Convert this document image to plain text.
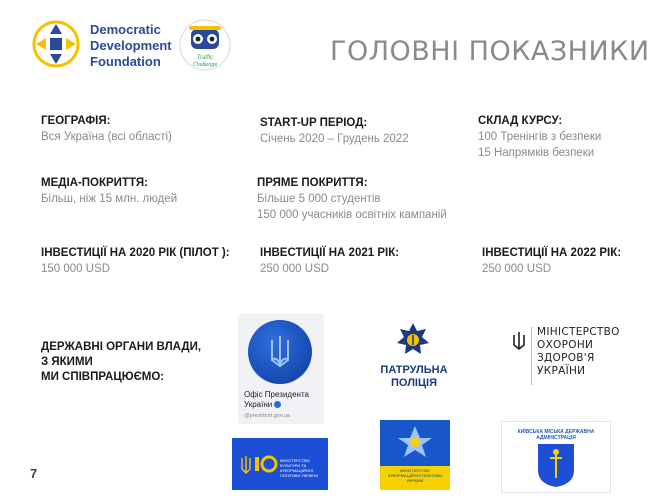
Democratic
Development
Foundation	Traffic
Challenge	ГОЛОВНІ ПОКАЗНИКИ
ГЕОГРАФІЯ:
Вся Україна (всі області)
START-UP ПЕРІОД:
Січень 2020 – Грудень 2022
СКЛАД КУРСУ:
100 Тренінгів з безпеки
15 Напрямків безпеки
МЕДІА-ПОКРИТТЯ:
Більш, ніж 15 млн. людей
ПРЯМЕ ПОКРИТТЯ:
Більше 5 000 студентів
150 000 учасників освітніх кампаній
ІНВЕСТИЦІЇ НА 2020 РІК (ПІЛОТ ):
150 000 USD
ІНВЕСТИЦІЇ НА 2021 РІК:
250 000 USD
ІНВЕСТИЦІЇ НА 2022 РІК:
250 000 USD
ДЕРЖАВНІ ОРГАНИ ВЛАДИ,
З ЯКИМИ
МИ СПІВПРАЦЮЄМО:
Офіс Президента
України
@president.gov.ua
ПАТРУЛЬНА
ПОЛІЦІЯ
МІНІСТЕРСТВО
ОХОРОНИ
ЗДОРОВ'Я
УКРАЇНИ
МІНІСТЕРСТВО КУЛЬТУРИ ТА ІНФОРМАЦІЙНОЇ ПОЛІТИКИ УКРАЇНИ
МІНІСТЕРСТВО ІНФОРМАЦІЙНОЇ ПОЛІТИКИ УКРАЇНИ
КИЇВСЬКА МІСЬКА ДЕРЖАВНА АДМІНІСТРАЦІЯ
7
